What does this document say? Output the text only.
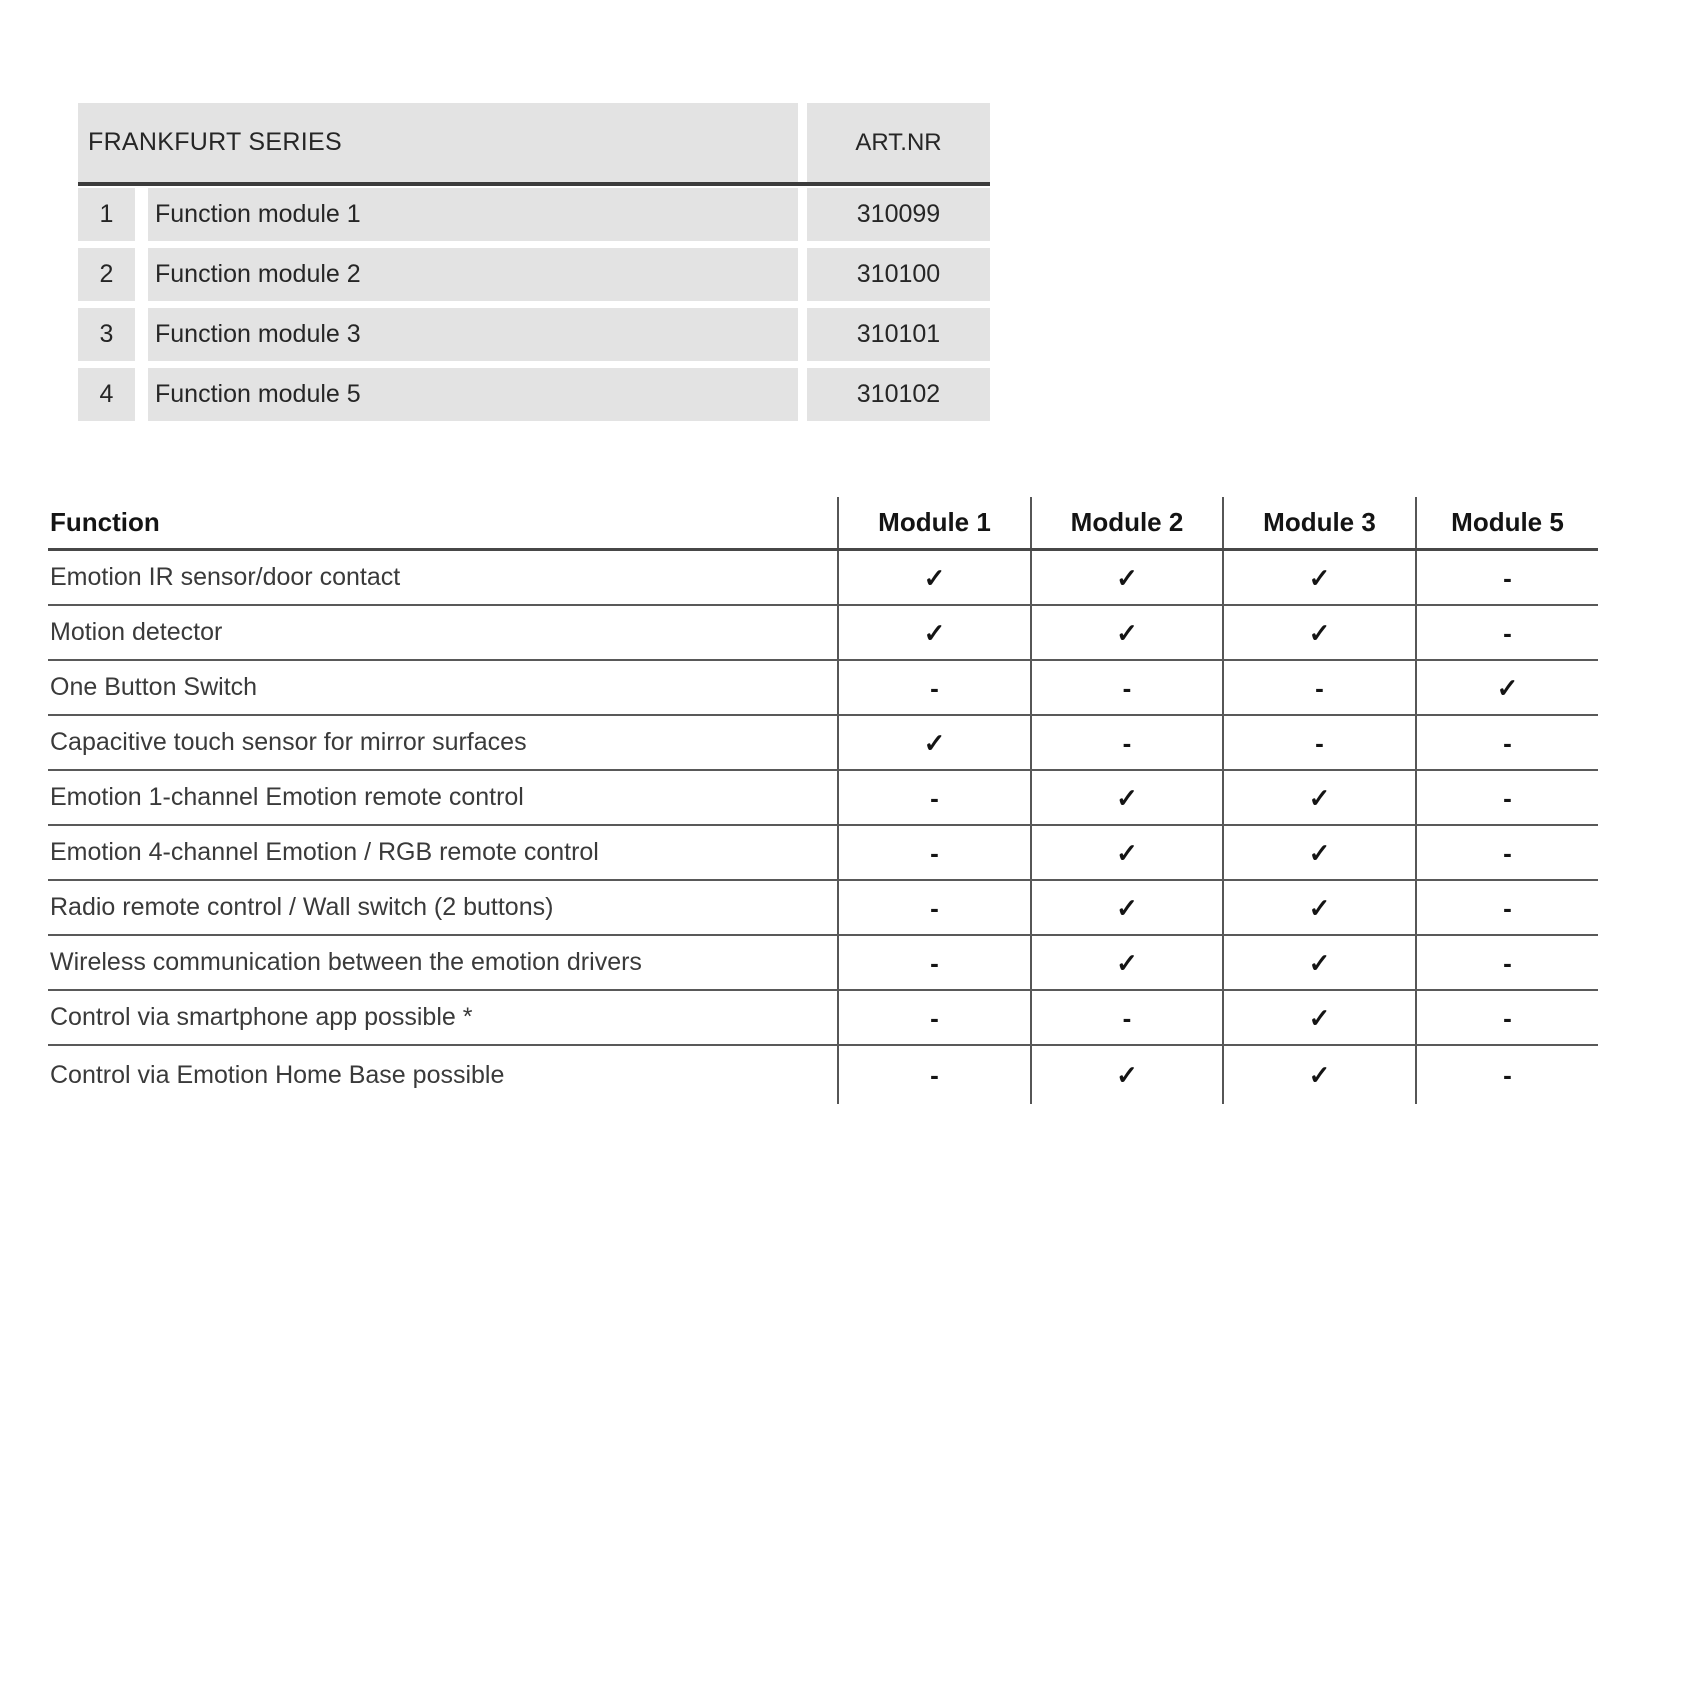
FRANKFURT SERIES	ART.NR
1	Function module 1	310099
2	Function module 2	310100
3	Function module 3	310101
4	Function module 5	310102
Function	Module 1	Module 2	Module 3	Module 5
Emotion IR sensor/door contact	✓	✓	✓	-
Motion detector	✓	✓	✓	-
One Button Switch	-	-	-	✓
Capacitive touch sensor for mirror surfaces	✓	-	-	-
Emotion 1-channel Emotion remote control	-	✓	✓	-
Emotion 4-channel Emotion / RGB remote control	-	✓	✓	-
Radio remote control / Wall switch (2 buttons)	-	✓	✓	-
Wireless communication between the emotion drivers	-	✓	✓	-
Control via smartphone app possible *	-	-	✓	-
Control via Emotion Home Base possible	-	✓	✓	-
